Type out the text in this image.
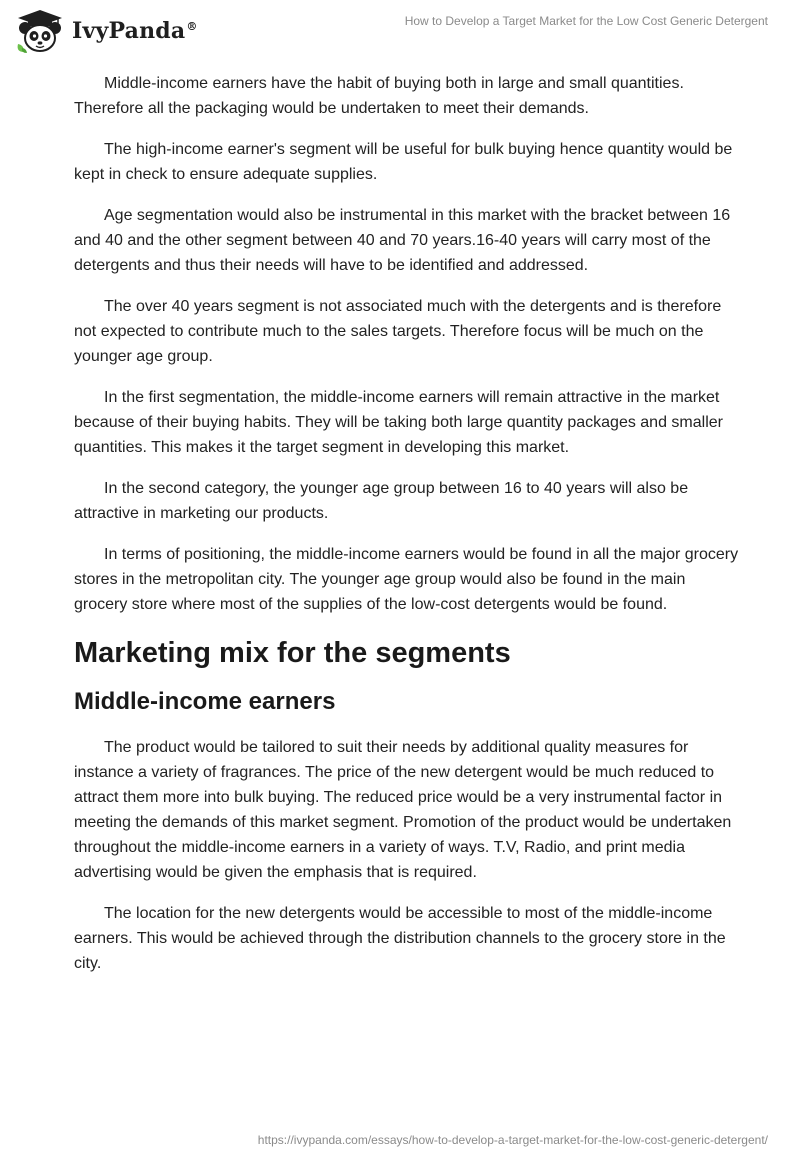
IvyPanda®	How to Develop a Target Market for the Low Cost Generic Detergent

Middle-income earners have the habit of buying both in large and small quantities. Therefore all the packaging would be undertaken to meet their demands.

The high-income earner's segment will be useful for bulk buying hence quantity would be kept in check to ensure adequate supplies.

Age segmentation would also be instrumental in this market with the bracket between 16 and 40 and the other segment between 40 and 70 years.16-40 years will carry most of the detergents and thus their needs will have to be identified and addressed.

The over 40 years segment is not associated much with the detergents and is therefore not expected to contribute much to the sales targets. Therefore focus will be much on the younger age group.

In the first segmentation, the middle-income earners will remain attractive in the market because of their buying habits. They will be taking both large quantity packages and smaller quantities. This makes it the target segment in developing this market.

In the second category, the younger age group between 16 to 40 years will also be attractive in marketing our products.

In terms of positioning, the middle-income earners would be found in all the major grocery stores in the metropolitan city. The younger age group would also be found in the main grocery store where most of the supplies of the low-cost detergents would be found.

Marketing mix for the segments
Middle-income earners

The product would be tailored to suit their needs by additional quality measures for instance a variety of fragrances. The price of the new detergent would be much reduced to attract them more into bulk buying. The reduced price would be a very instrumental factor in meeting the demands of this market segment. Promotion of the product would be undertaken throughout the middle-income earners in a variety of ways. T.V, Radio, and print media advertising would be given the emphasis that is required.

The location for the new detergents would be accessible to most of the middle-income earners. This would be achieved through the distribution channels to the grocery store in the city.

https://ivypanda.com/essays/how-to-develop-a-target-market-for-the-low-cost-generic-detergent/
